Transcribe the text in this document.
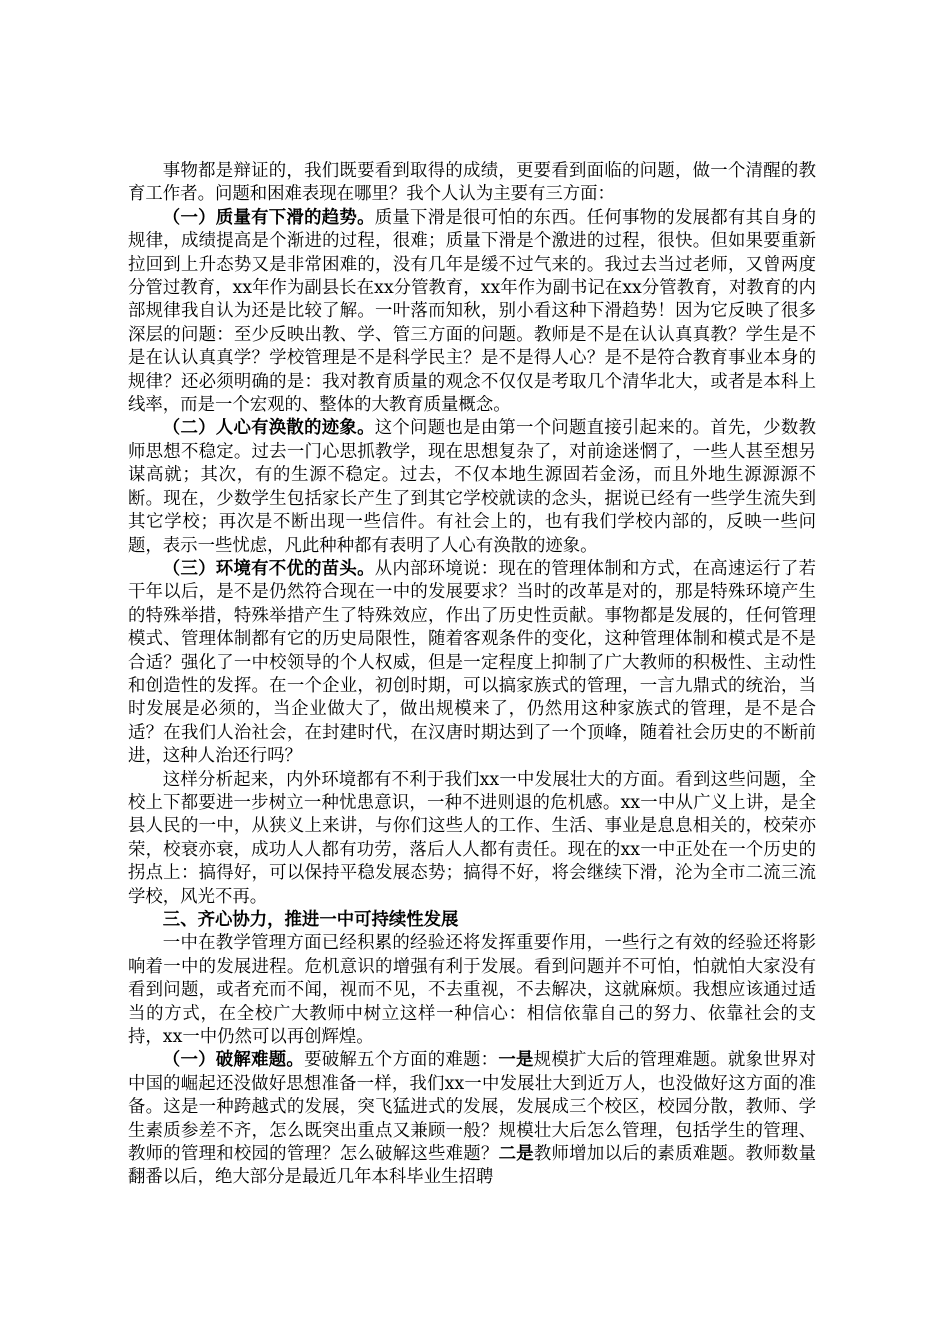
事物都是辩证的，我们既要看到取得的成绩，更要看到面临的问题，做一个清醒的教育工作者。问题和困难表现在哪里？我个人认为主要有三方面：

（一）质量有下滑的趋势。质量下滑是很可怕的东西。任何事物的发展都有其自身的规律，成绩提高是个渐进的过程，很难；质量下滑是个激进的过程，很快。但如果要重新拉回到上升态势又是非常困难的，没有几年是缓不过气来的。我过去当过老师，又曾两度分管过教育，xx年作为副县长在xx分管教育，xx年作为副书记在xx分管教育，对教育的内部规律我自认为还是比较了解。一叶落而知秋，别小看这种下滑趋势！因为它反映了很多深层的问题：至少反映出教、学、管三方面的问题。教师是不是在认认真真教？学生是不是在认认真真学？学校管理是不是科学民主？是不是得人心？是不是符合教育事业本身的规律？还必须明确的是：我对教育质量的观念不仅仅是考取几个清华北大，或者是本科上线率，而是一个宏观的、整体的大教育质量概念。

（二）人心有涣散的迹象。这个问题也是由第一个问题直接引起来的。首先，少数教师思想不稳定。过去一门心思抓教学，现在思想复杂了，对前途迷惘了，一些人甚至想另谋高就；其次，有的生源不稳定。过去，不仅本地生源固若金汤，而且外地生源源源不断。现在，少数学生包括家长产生了到其它学校就读的念头，据说已经有一些学生流失到其它学校；再次是不断出现一些信件。有社会上的，也有我们学校内部的，反映一些问题，表示一些忧虑，凡此种种都有表明了人心有涣散的迹象。

（三）环境有不优的苗头。从内部环境说：现在的管理体制和方式，在高速运行了若干年以后，是不是仍然符合现在一中的发展要求？当时的改革是对的，那是特殊环境产生的特殊举措，特殊举措产生了特殊效应，作出了历史性贡献。事物都是发展的，任何管理模式、管理体制都有它的历史局限性，随着客观条件的变化，这种管理体制和模式是不是合适？强化了一中校领导的个人权威，但是一定程度上抑制了广大教师的积极性、主动性和创造性的发挥。在一个企业，初创时期，可以搞家族式的管理，一言九鼎式的统治，当时发展是必须的，当企业做大了，做出规模来了，仍然用这种家族式的管理，是不是合适？在我们人治社会，在封建时代，在汉唐时期达到了一个顶峰，随着社会历史的不断前进，这种人治还行吗？

这样分析起来，内外环境都有不利于我们xx一中发展壮大的方面。看到这些问题，全校上下都要进一步树立一种忧患意识，一种不进则退的危机感。xx一中从广义上讲，是全县人民的一中，从狭义上来讲，与你们这些人的工作、生活、事业是息息相关的，校荣亦荣，校衰亦衰，成功人人都有功劳，落后人人都有责任。现在的xx一中正处在一个历史的拐点上：搞得好，可以保持平稳发展态势；搞得不好，将会继续下滑，沦为全市二流三流学校，风光不再。

三、齐心协力，推进一中可持续性发展

一中在教学管理方面已经积累的经验还将发挥重要作用，一些行之有效的经验还将影响着一中的发展进程。危机意识的增强有利于发展。看到问题并不可怕，怕就怕大家没有看到问题，或者充而不闻，视而不见，不去重视，不去解决，这就麻烦。我想应该通过适当的方式，在全校广大教师中树立这样一种信心：相信依靠自己的努力、依靠社会的支持，xx一中仍然可以再创辉煌。

（一）破解难题。要破解五个方面的难题：一是规模扩大后的管理难题。就象世界对中国的崛起还没做好思想准备一样，我们xx一中发展壮大到近万人，也没做好这方面的准备。这是一种跨越式的发展，突飞猛进式的发展，发展成三个校区，校园分散，教师、学生素质参差不齐，怎么既突出重点又兼顾一般？规模壮大后怎么管理，包括学生的管理、教师的管理和校园的管理？怎么破解这些难题？二是教师增加以后的素质难题。教师数量翻番以后，绝大部分是最近几年本科毕业生招聘
